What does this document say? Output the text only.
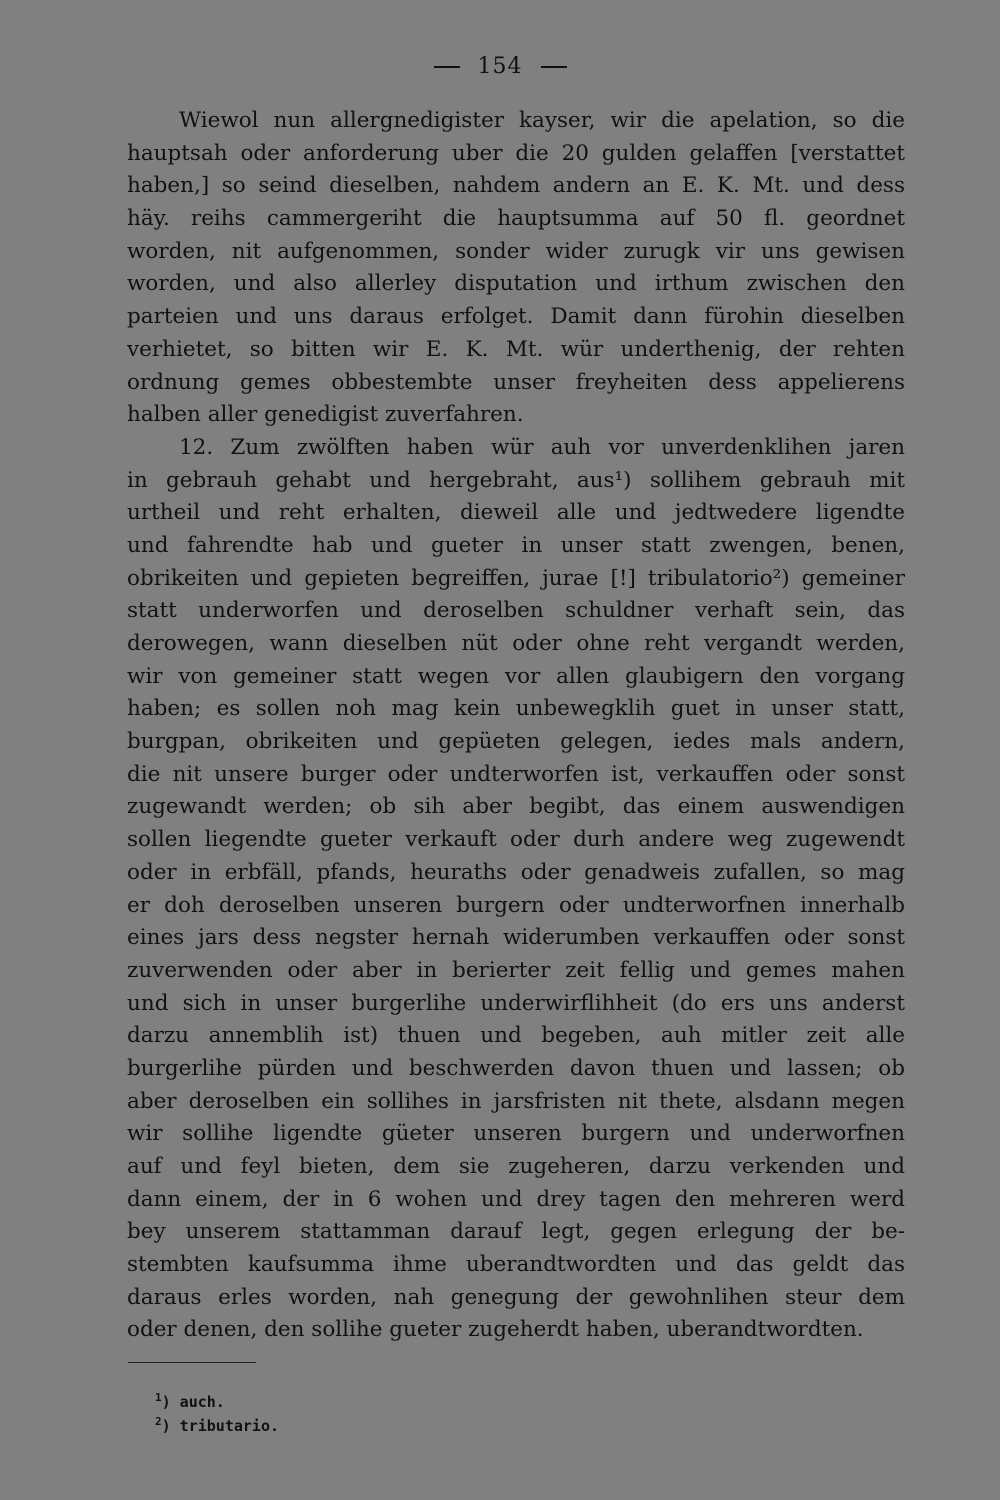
154
Wiewol nun allergnedigister kayser, wir die apelation, so die
hauptsah oder anforderung uber die 20 gulden gelaffen [verstattet
haben,] so seind dieselben, nahdem andern an E. K. Mt. und dess
häy. reihs cammergeriht die hauptsumma auf 50 fl. geordnet
worden, nit aufgenommen, sonder wider zurugk vir uns gewisen
worden, und also allerley disputation und irthum zwischen den
parteien und uns daraus erfolget. Damit dann fürohin dieselben
verhietet, so bitten wir E. K. Mt. wür underthenig, der rehten
ordnung gemes obbestembte unser freyheiten dess appelierens
halben aller genedigist zuverfahren.
12. Zum zwölften haben wür auh vor unverdenklihen jaren
in gebrauh gehabt und hergebraht, aus¹) sollihem gebrauh mit
urtheil und reht erhalten, dieweil alle und jedtwedere ligendte
und fahrendte hab und gueter in unser statt zwengen, benen,
obrikeiten und gepieten begreiffen, jurae [!] tribulatorio²) gemeiner
statt underworfen und deroselben schuldner verhaft sein, das
derowegen, wann dieselben nüt oder ohne reht vergandt werden,
wir von gemeiner statt wegen vor allen glaubigern den vorgang
haben; es sollen noh mag kein unbewegklih guet in unser statt,
burgpan, obrikeiten und gepüeten gelegen, iedes mals andern,
die nit unsere burger oder undterworfen ist, verkauffen oder sonst
zugewandt werden; ob sih aber begibt, das einem auswendigen
sollen liegendte gueter verkauft oder durh andere weg zugewendt
oder in erbfäll, pfands, heuraths oder genadweis zufallen, so mag
er doh deroselben unseren burgern oder undterworfnen innerhalb
eines jars dess negster hernah widerumben verkauffen oder sonst
zuverwenden oder aber in berierter zeit fellig und gemes mahen
und sich in unser burgerlihe underwirflihheit (do ers uns anderst
darzu annemblih ist) thuen und begeben, auh mitler zeit alle
burgerlihe pürden und beschwerden davon thuen und lassen; ob
aber deroselben ein sollihes in jarsfristen nit thete, alsdann megen
wir sollihe ligendte güeter unseren burgern und underworfnen
auf und feyl bieten, dem sie zugeheren, darzu verkenden und
dann einem, der in 6 wohen und drey tagen den mehreren werd
bey unserem stattamman darauf legt, gegen erlegung der be-
stembten kaufsumma ihme uberandtwordten und das geldt das
daraus erles worden, nah genegung der gewohnlihen steur dem
oder denen, den sollihe gueter zugeherdt haben, uberandtwordten.
$^1$) auch.
$^2$) tributario.
